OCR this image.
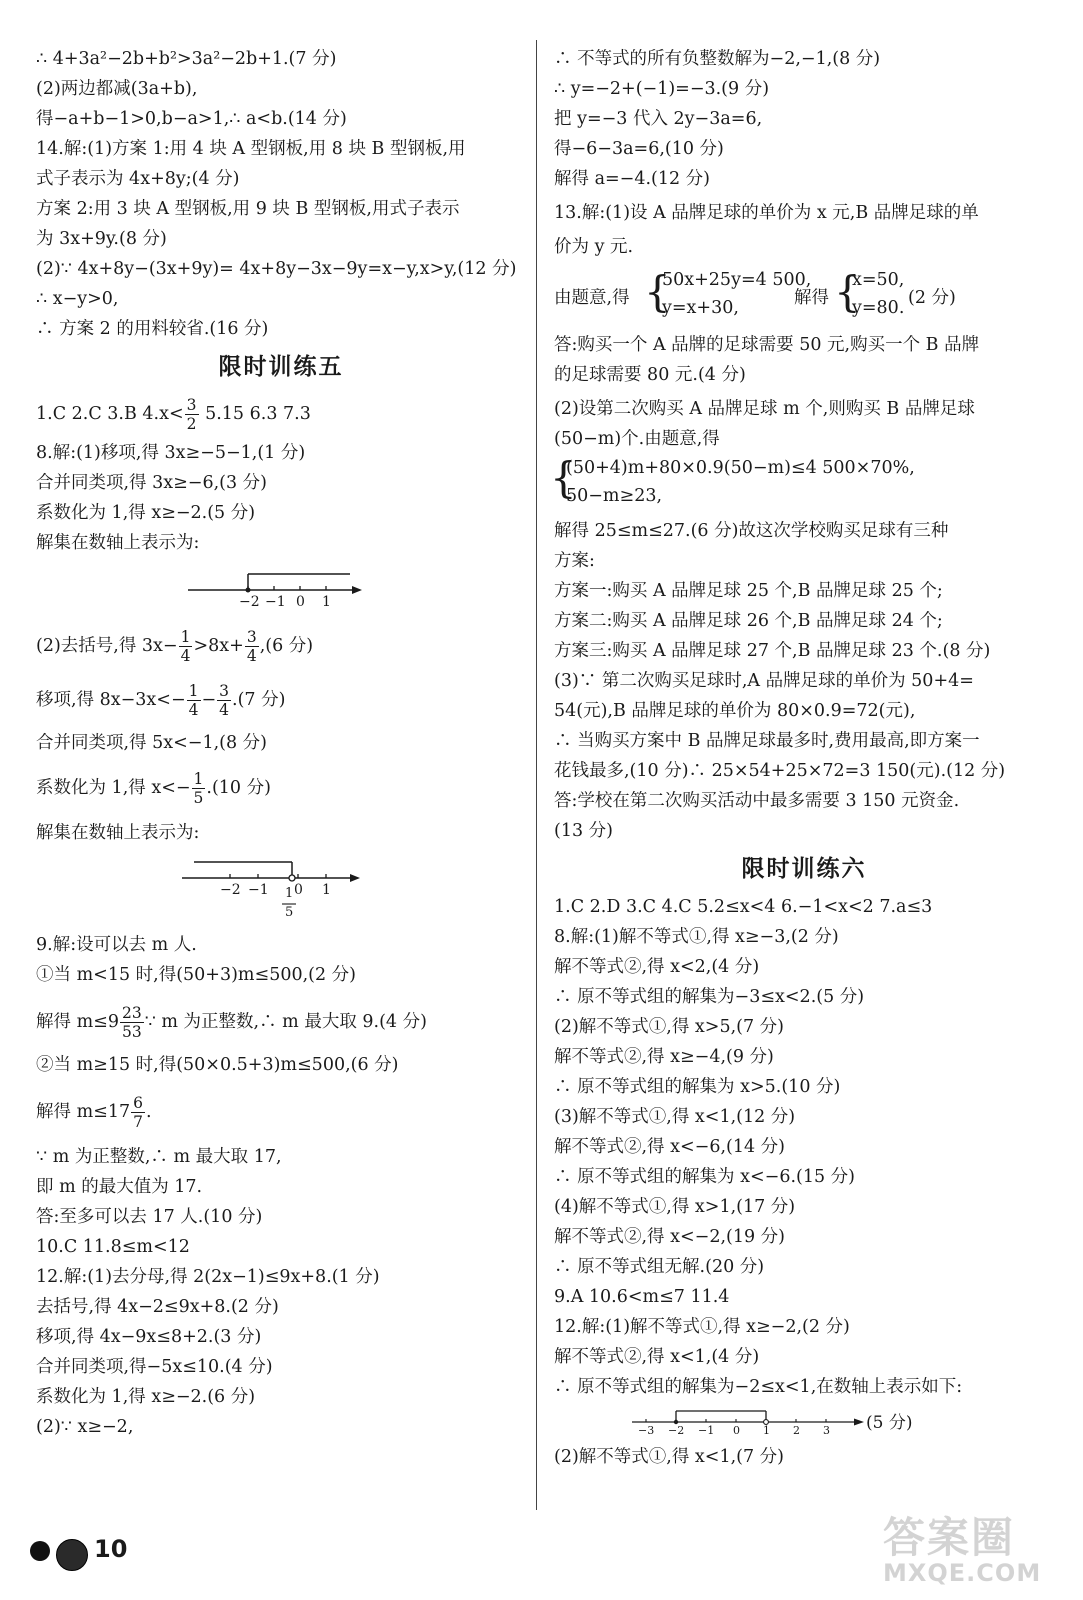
∴ 4+3a²−2b+b²>3a²−2b+1.(7 分)
(2)两边都减(3a+b),
得−a+b−1>0,b−a>1,∴ a<b.(14 分)
14.解:(1)方案 1:用 4 块 A 型钢板,用 8 块 B 型钢板,用
式子表示为 4x+8y;(4 分)
方案 2:用 3 块 A 型钢板,用 9 块 B 型钢板,用式子表示
为 3x+9y.(8 分)
(2)∵ 4x+8y−(3x+9y)= 4x+8y−3x−9y=x−y,x>y,(12 分)
∴ x−y>0,
∴ 方案 2 的用料较省.(16 分)
限时训练五
1.C 2.C 3.B $4.x< \frac{3}{2} 5.15$ 6.3 7.3
8.解:(1)移项,得 3x≥−5−1,(1 分)
合并同类项,得 3x≥−6,(3 分)
系数化为 1,得 x≥−2.(5 分)
解集在数轴上表示为:
−2 −1 0 1
(2)去括号,得 $3x- \frac{1}{4} >8x+ \frac{3}{4} ,(6$ 分)
移项,得 $8x-3x<- \frac{1}{4} - \frac{3}{4} .(7$ 分)
合并同类项,得 5x<−1,(8 分)
系数化为 1,得 $x<- \frac{1}{5} .(10$ 分)
解集在数轴上表示为:
−2 −1 0 1
1
5
9.解:设可以去 m 人.
①当 m<15 时,得(50+3)m≤500,(2 分)
解得 $m\le 9 \frac{23}{53}$ ∵ m 为正整数,∴ m 最大取 9.(4 分)
②当 m≥15 时,得(50×0.5+3)m≤500,(6 分)
解得 $m\le 17 \frac{6}{7}$ .
∵ m 为正整数,∴ m 最大取 17,
即 m 的最大值为 17.
答:至多可以去 17 人.(10 分)
10.C 11.8≤m<12
12.解:(1)去分母,得 2(2x−1)≤9x+8.(1 分)
去括号,得 4x−2≤9x+8.(2 分)
移项,得 4x−9x≤8+2.(3 分)
合并同类项,得−5x≤10.(4 分)
系数化为 1,得 x≥−2.(6 分)
(2)∵ x≥−2,
∴ 不等式的所有负整数解为−2,−1,(8 分)
∴ y=−2+(−1)=−3.(9 分)
把 y=−3 代入 2y−3a=6,
得−6−3a=6,(10 分)
解得 a=−4.(12 分)
13.解:(1)设 A 品牌足球的单价为 x 元,B 品牌足球的单
价为 y 元.
由题意,得 {
50x+25y=4 500,
y=x+30,	解得 {
x=50,
y=80. (2 分)
答:购买一个 A 品牌的足球需要 50 元,购买一个 B 品牌
的足球需要 80 元.(4 分)
(2)设第二次购买 A 品牌足球 m 个,则购买 B 品牌足球
(50−m)个.由题意,得
{
(50+4)m+80×0.9(50−m)≤4 500×70%,
50−m≥23,
解得 25≤m≤27.(6 分)故这次学校购买足球有三种
方案:
方案一:购买 A 品牌足球 25 个,B 品牌足球 25 个;
方案二:购买 A 品牌足球 26 个,B 品牌足球 24 个;
方案三:购买 A 品牌足球 27 个,B 品牌足球 23 个.(8 分)
(3)∵ 第二次购买足球时,A 品牌足球的单价为 50+4=
54(元),B 品牌足球的单价为 80×0.9=72(元),
∴ 当购买方案中 B 品牌足球最多时,费用最高,即方案一
花钱最多,(10 分)∴ 25×54+25×72=3 150(元).(12 分)
答:学校在第二次购买活动中最多需要 3 150 元资金.
(13 分)
限时训练六
1.C 2.D 3.C 4.C 5.2≤x<4 6.−1<x<2 7.a≤3
8.解:(1)解不等式①,得 x≥−3,(2 分)
解不等式②,得 x<2,(4 分)
∴ 原不等式组的解集为−3≤x<2.(5 分)
(2)解不等式①,得 x>5,(7 分)
解不等式②,得 x≥−4,(9 分)
∴ 原不等式组的解集为 x>5.(10 分)
(3)解不等式①,得 x<1,(12 分)
解不等式②,得 x<−6,(14 分)
∴ 原不等式组的解集为 x<−6.(15 分)
(4)解不等式①,得 x>1,(17 分)
解不等式②,得 x<−2,(19 分)
∴ 原不等式组无解.(20 分)
9.A 10.6<m≤7 11.4
12.解:(1)解不等式①,得 x≥−2,(2 分)
解不等式②,得 x<1,(4 分)
∴ 原不等式组的解集为−2≤x<1,在数轴上表示如下:
−3 −2 −1 0 1 2 3 (5 分)
(2)解不等式①,得 x<1,(7 分)
10	答案圈
MXQE.COM
